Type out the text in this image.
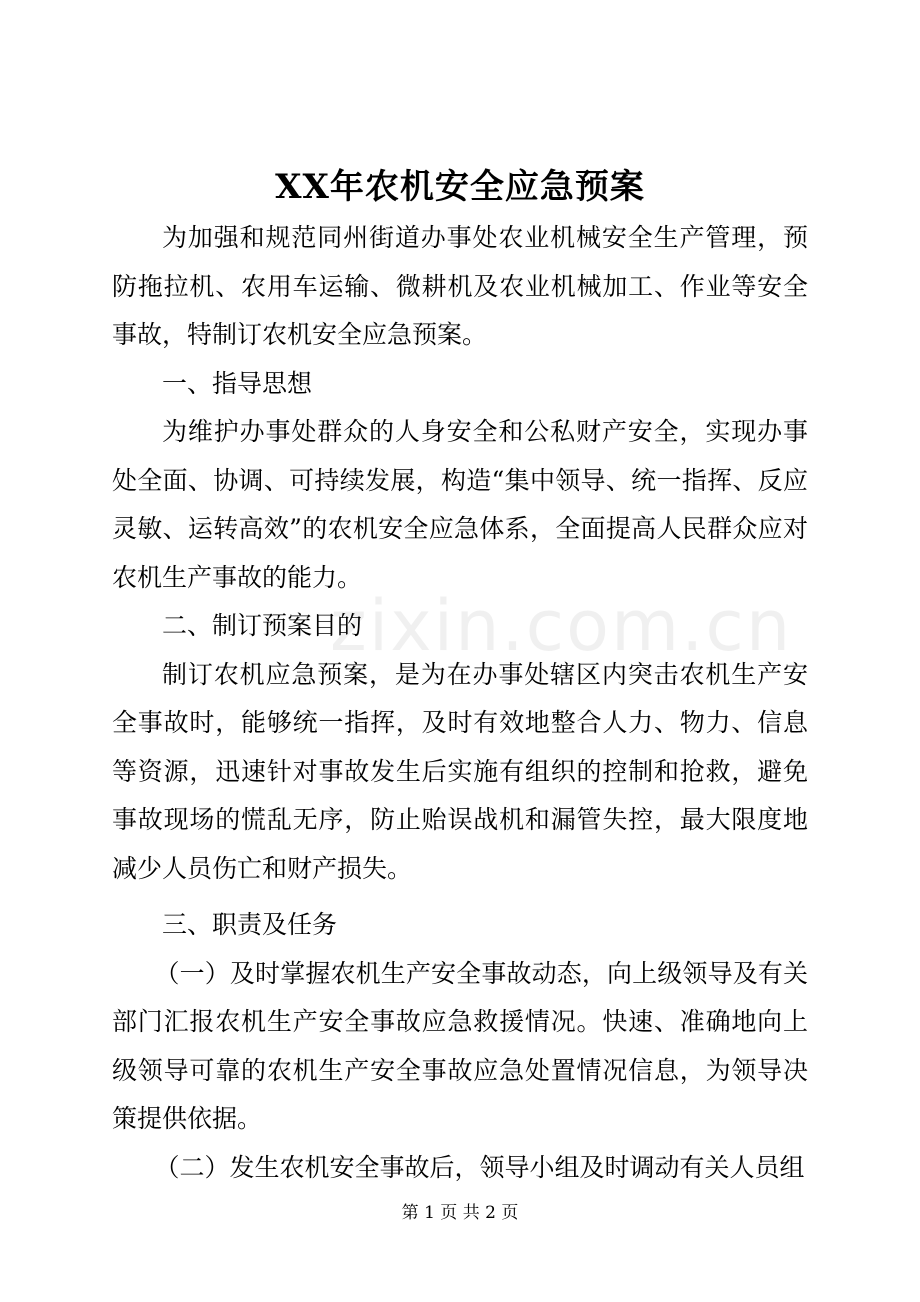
XX年农机安全应急预案

为加强和规范同州街道办事处农业机械安全生产管理，预防拖拉机、农用车运输、微耕机及农业机械加工、作业等安全事故，特制订农机安全应急预案。

一、指导思想

为维护办事处群众的人身安全和公私财产安全，实现办事处全面、协调、可持续发展，构造“集中领导、统一指挥、反应灵敏、运转高效”的农机安全应急体系，全面提高人民群众应对农机生产事故的能力。

二、制订预案目的

制订农机应急预案，是为在办事处辖区内突击农机生产安全事故时，能够统一指挥，及时有效地整合人力、物力、信息等资源，迅速针对事故发生后实施有组织的控制和抢救，避免事故现场的慌乱无序，防止贻误战机和漏管失控，最大限度地减少人员伤亡和财产损失。

三、职责及任务

（一）及时掌握农机生产安全事故动态，向上级领导及有关部门汇报农机生产安全事故应急救援情况。快速、准确地向上级领导可靠的农机生产安全事故应急处置情况信息，为领导决策提供依据。

（二）发生农机安全事故后，领导小组及时调动有关人员组

zixin.com.cn
第 1 页 共 2 页
